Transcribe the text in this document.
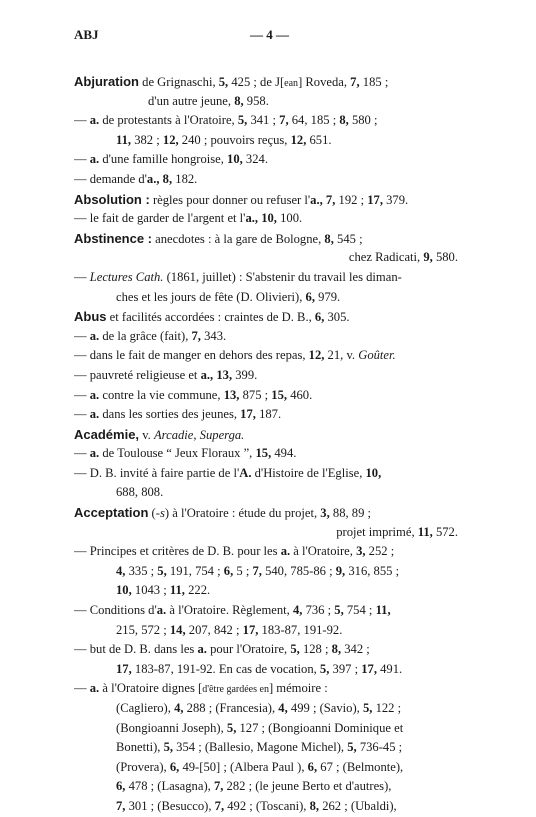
ABJ	— 4 —
Abjuration de Grignaschi, 5, 425 ; de J[ean] Roveda, 7, 185 ;
d'un autre jeune, 8, 958.
— a. de protestants à l'Oratoire, 5, 341 ; 7, 64, 185 ; 8, 580 ;
11, 382 ; 12, 240 ; pouvoirs reçus, 12, 651.
— a. d'une famille hongroise, 10, 324.
— demande d'a., 8, 182.
Absolution : règles pour donner ou refuser l'a., 7, 192 ; 17, 379.
— le fait de garder de l'argent et l'a., 10, 100.
Abstinence : anecdotes : à la gare de Bologne, 8, 545 ;
chez Radicati, 9, 580.
— Lectures Cath. (1861, juillet) : S'abstenir du travail les diman-
ches et les jours de fête (D. Olivieri), 6, 979.
Abus et facilités accordées : craintes de D. B., 6, 305.
— a. de la grâce (fait), 7, 343.
— dans le fait de manger en dehors des repas, 12, 21, v. Goûter.
— pauvreté religieuse et a., 13, 399.
— a. contre la vie commune, 13, 875 ; 15, 460.
— a. dans les sorties des jeunes, 17, 187.
Académie, v. Arcadie, Superga.
— a. de Toulouse “ Jeux Floraux ”, 15, 494.
— D. B. invité à faire partie de l'A. d'Histoire de l'Eglise, 10,
688, 808.
Acceptation (-s) à l'Oratoire : étude du projet, 3, 88, 89 ;
projet imprimé, 11, 572.
— Principes et critères de D. B. pour les a. à l'Oratoire, 3, 252 ;
4, 335 ; 5, 191, 754 ; 6, 5 ; 7, 540, 785-86 ; 9, 316, 855 ;
10, 1043 ; 11, 222.
— Conditions d'a. à l'Oratoire. Règlement, 4, 736 ; 5, 754 ; 11,
215, 572 ; 14, 207, 842 ; 17, 183-87, 191-92.
— but de D. B. dans les a. pour l'Oratoire, 5, 128 ; 8, 342 ;
17, 183-87, 191-92. En cas de vocation, 5, 397 ; 17, 491.
— a. à l'Oratoire dignes [d'être gardées en] mémoire :
(Cagliero), 4, 288 ; (Francesia), 4, 499 ; (Savio), 5, 122 ;
(Bongioanni Joseph), 5, 127 ; (Bongioanni Dominique et
Bonetti), 5, 354 ; (Ballesio, Magone Michel), 5, 736-45 ;
(Provera), 6, 49-[50] ; (Albera Paul ), 6, 67 ; (Belmonte),
6, 478 ; (Lasagna), 7, 282 ; (le jeune Berto et d'autres),
7, 301 ; (Besucco), 7, 492 ; (Toscani), 8, 262 ; (Ubaldi),
